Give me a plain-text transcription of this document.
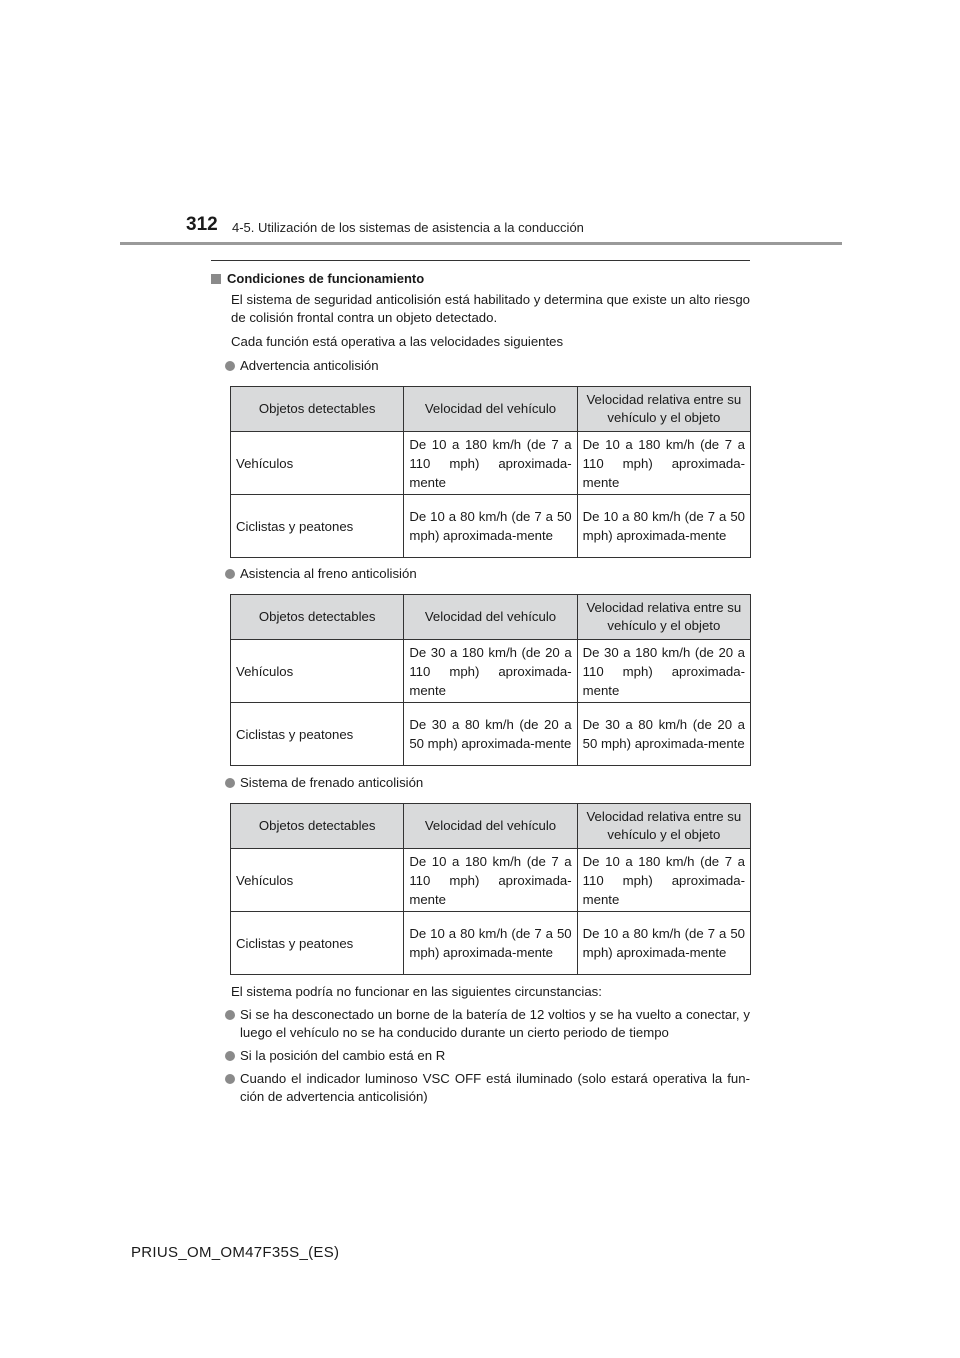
312 4-5. Utilización de los sistemas de asistencia a la conducción
Condiciones de funcionamiento
El sistema de seguridad anticolisión está habilitado y determina que existe un alto riesgo de colisión frontal contra un objeto detectado.
Cada función está operativa a las velocidades siguientes
Advertencia anticolisión
Objetos detectables	Velocidad del vehículo	Velocidad relativa entre su vehículo y el objeto
Vehículos	De 10 a 180 km/h (de 7 a 110 mph) aproximada-mente	De 10 a 180 km/h (de 7 a 110 mph) aproximada-mente
Ciclistas y peatones	De 10 a 80 km/h (de 7 a 50 mph) aproximada-mente	De 10 a 80 km/h (de 7 a 50 mph) aproximada-mente
Asistencia al freno anticolisión
Objetos detectables	Velocidad del vehículo	Velocidad relativa entre su vehículo y el objeto
Vehículos	De 30 a 180 km/h (de 20 a 110 mph) aproximada-mente	De 30 a 180 km/h (de 20 a 110 mph) aproximada-mente
Ciclistas y peatones	De 30 a 80 km/h (de 20 a 50 mph) aproximada-mente	De 30 a 80 km/h (de 20 a 50 mph) aproximada-mente
Sistema de frenado anticolisión
Objetos detectables	Velocidad del vehículo	Velocidad relativa entre su vehículo y el objeto
Vehículos	De 10 a 180 km/h (de 7 a 110 mph) aproximada-mente	De 10 a 180 km/h (de 7 a 110 mph) aproximada-mente
Ciclistas y peatones	De 10 a 80 km/h (de 7 a 50 mph) aproximada-mente	De 10 a 80 km/h (de 7 a 50 mph) aproximada-mente
El sistema podría no funcionar en las siguientes circunstancias:
Si se ha desconectado un borne de la batería de 12 voltios y se ha vuelto a conectar, y luego el vehículo no se ha conducido durante un cierto periodo de tiempo
Si la posición del cambio está en R
Cuando el indicador luminoso VSC OFF está iluminado (solo estará operativa la fun-ción de advertencia anticolisión)
PRIUS_OM_OM47F35S_(ES)
